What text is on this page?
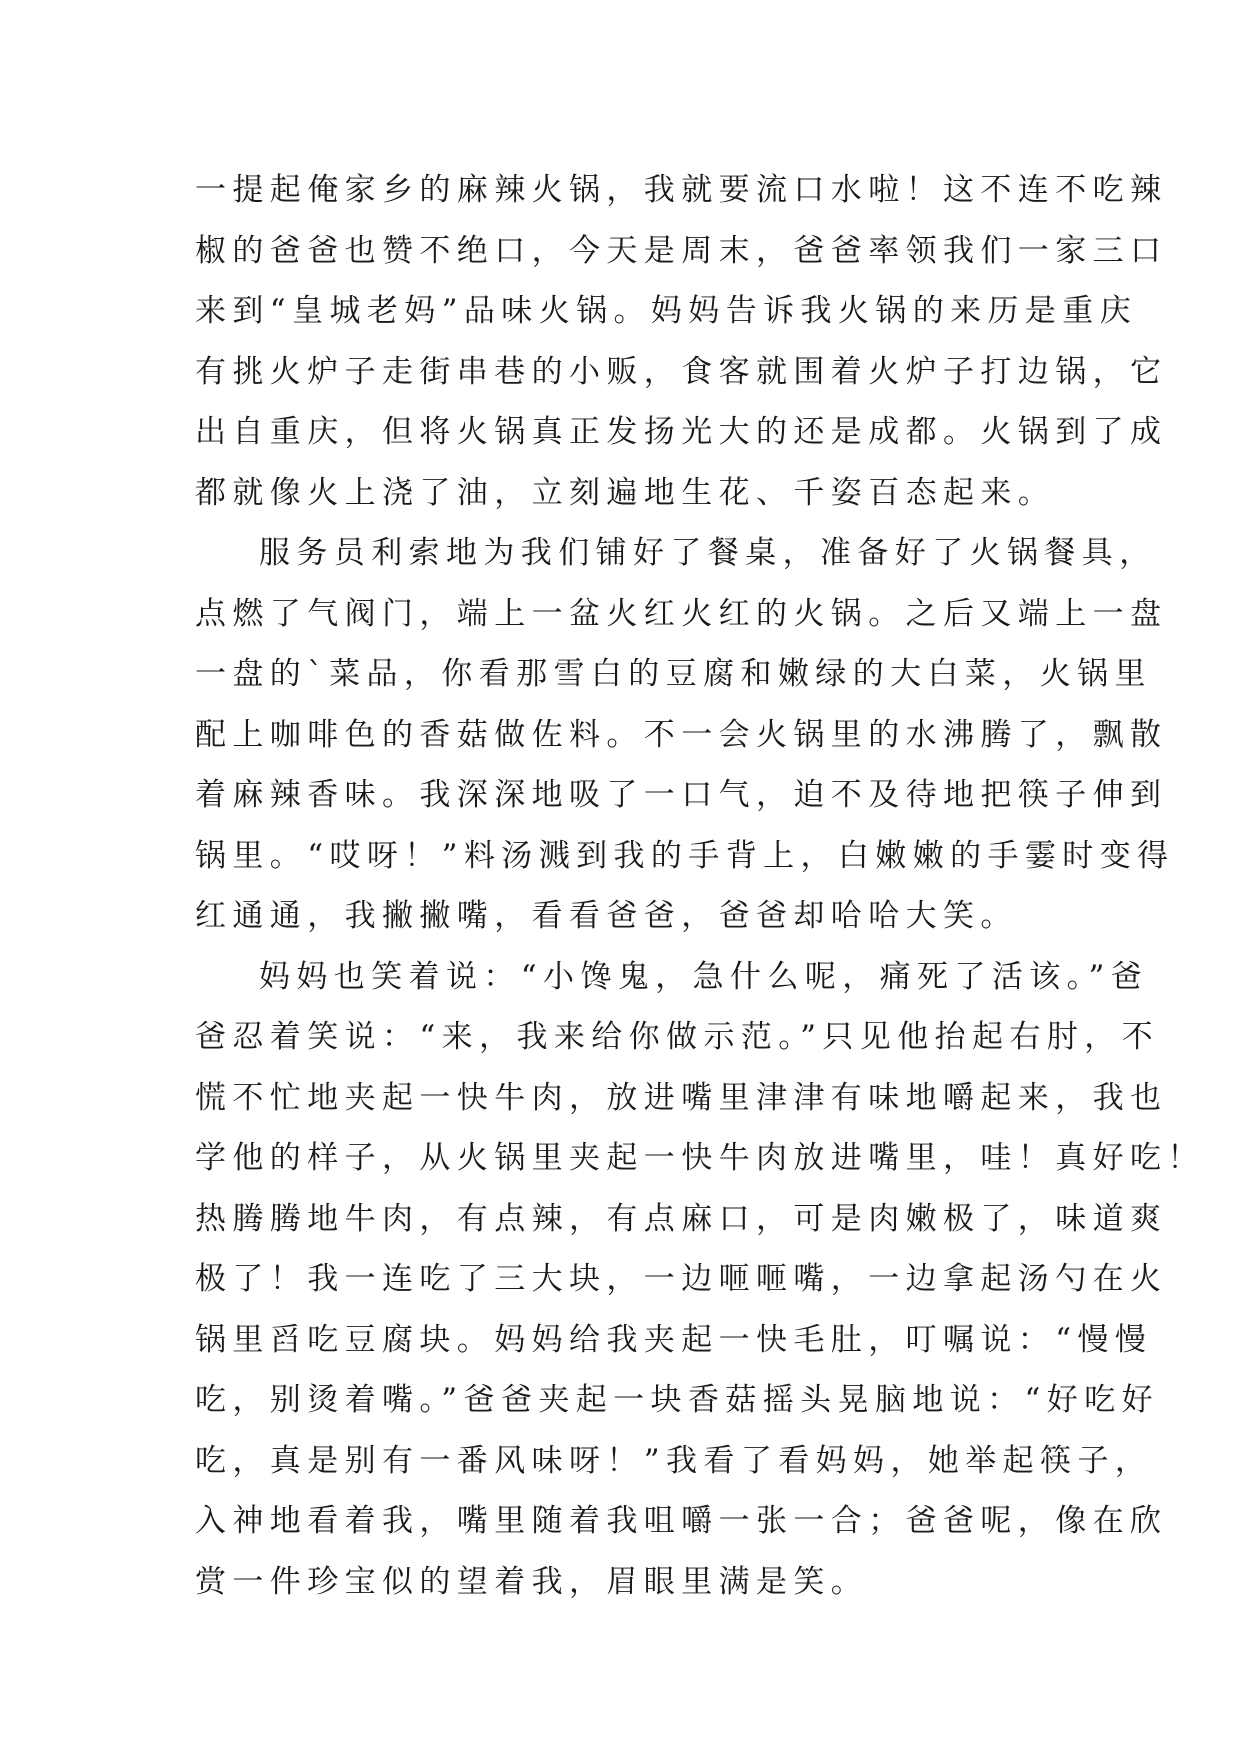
一提起俺家乡的麻辣火锅，我就要流口水啦！这不连不吃辣
椒的爸爸也赞不绝口，今天是周末，爸爸率领我们一家三口
来到“皇城老妈”品味火锅。妈妈告诉我火锅的来历是重庆
有挑火炉子走街串巷的小贩，食客就围着火炉子打边锅，它
出自重庆，但将火锅真正发扬光大的还是成都。火锅到了成
都就像火上浇了油，立刻遍地生花、千姿百态起来。
服务员利索地为我们铺好了餐桌，准备好了火锅餐具，
点燃了气阀门，端上一盆火红火红的火锅。之后又端上一盘
一盘的`菜品，你看那雪白的豆腐和嫩绿的大白菜，火锅里
配上咖啡色的香菇做佐料。不一会火锅里的水沸腾了，飘散
着麻辣香味。我深深地吸了一口气，迫不及待地把筷子伸到
锅里。“哎呀！”料汤溅到我的手背上，白嫩嫩的手霎时变得
红通通，我撇撇嘴，看看爸爸，爸爸却哈哈大笑。
妈妈也笑着说：“小馋鬼，急什么呢，痛死了活该。”爸
爸忍着笑说：“来，我来给你做示范。”只见他抬起右肘，不
慌不忙地夹起一快牛肉，放进嘴里津津有味地嚼起来，我也
学他的样子，从火锅里夹起一快牛肉放进嘴里，哇！真好吃！
热腾腾地牛肉，有点辣，有点麻口，可是肉嫩极了，味道爽
极了！我一连吃了三大块，一边咂咂嘴，一边拿起汤勺在火
锅里舀吃豆腐块。妈妈给我夹起一快毛肚，叮嘱说：“慢慢
吃，别烫着嘴。”爸爸夹起一块香菇摇头晃脑地说：“好吃好
吃，真是别有一番风味呀！”我看了看妈妈，她举起筷子，
入神地看着我，嘴里随着我咀嚼一张一合；爸爸呢，像在欣
赏一件珍宝似的望着我，眉眼里满是笑。
